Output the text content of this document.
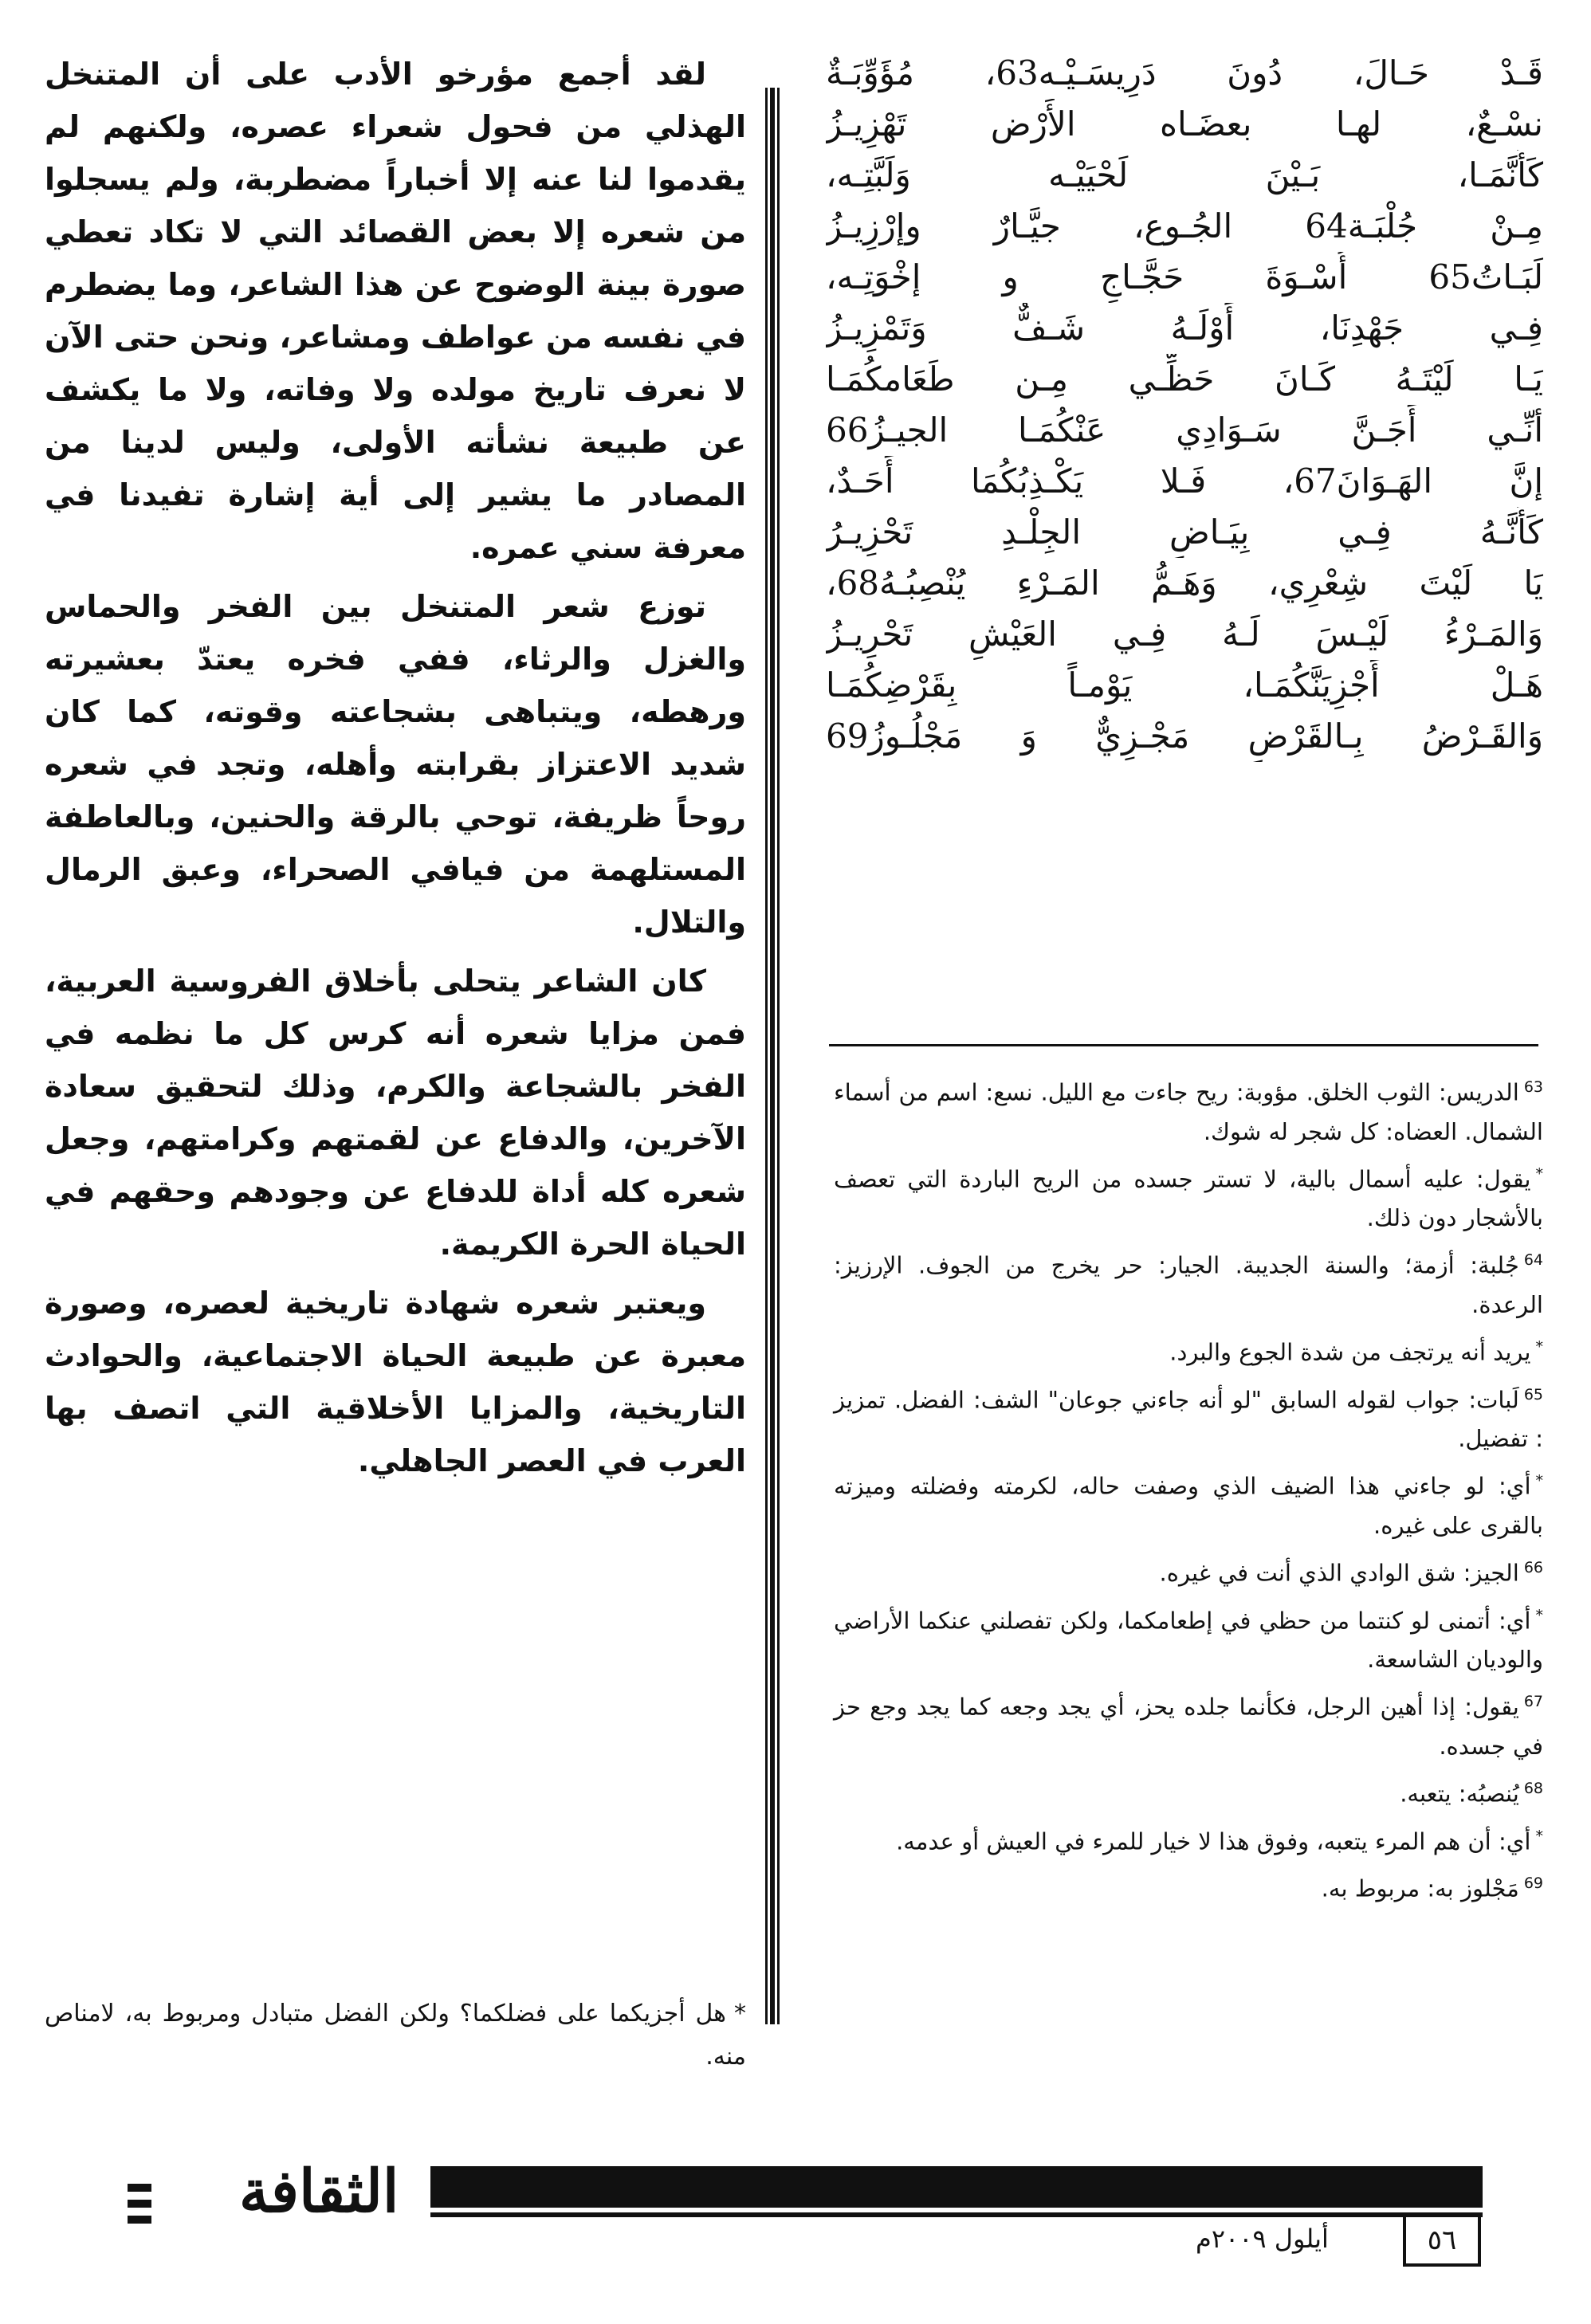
قَـدْ حَـالَ، دُونَ دَرِيسَـيْـه63، مُؤَوِّبَـةٌ
نسْـعٌ، لهـا بعضَـاه الأَرْض تَهْزِيـزُ
كَأَنَّمَـا، بَـيْنَ لَحْيَيْـه وَلَبَّتِـه،
مِـنْ جُلْبَـة64 الجُـوع، جيَّـارٌ وإرْزِيـزُ
لَبَـاتُ65 أُسْـوَةَ حَجَّـاجٍ و إخْوَتِـه،
فِـي جَهْدِنَا، أَوْلَـهُ شَـفٌّ وَتَمْزِيـزُ
يَـا لَيْتَـهُ كَـانَ حَظِّـي مِـن طَعَامكُمَـا
أنِّـي أَجَـنَّ سَـوَادِي عَنْكُمَـا الجيـزُ66
إنَّ الهَـوَانَ67، فَـلا يَكْـذِبُكُمَا أَحَـدٌ،
كَأَنَّـهُ فِـي بِيَـاضِ الجِلْـدِ تَحْزِيـرُ
يَا لَيْتَ شِعْرِي، وَهَـمُّ المَـرْءِ يُنْصِبُـهُ68،
وَالمَـرْءُ لَيْـسَ لَـهُ فِـي العَيْشِ تَحْرِيـزُ
هَـلْ أَجْزِيَنَّكُمَـا، يَوْمـاً بِقَرْضِكُمَـا
وَالقَـرْضُ بِـالقَرْضِ مَجْـزِيٌّ وَ مَجْلُـوزُ69

$^{63}$الدريس: الثوب الخلق. مؤوبة: ريح جاءت مع الليل. نسع: اسم من أسماء الشمال. العضاه: كل شجر له شوك.

*يقول: عليه أسمال بالية، لا تستر جسده من الريح الباردة التي تعصف بالأشجار دون ذلك.

$^{64}$جُلبة: أزمة؛ والسنة الجديبة. الجيار: حر يخرج من الجوف. الإرزيز: الرعدة.

*يريد أنه يرتجف من شدة الجوع والبرد.

$^{65}$لَبات: جواب لقوله السابق "لو أنه جاءني جوعان" الشف: الفضل. تمزيز : تفضيل.

*أي: لو جاءني هذا الضيف الذي وصفت حاله، لكرمته وفضلته وميزته بالقرى على غيره.

$^{66}$الجيز: شق الوادي الذي أنت في غيره.

*أي: أتمنى لو كنتما من حظي في إطعامكما، ولكن تفصلني عنكما الأراضي والوديان الشاسعة.

$^{67}$يقول: إذا أهين الرجل، فكأنما جلده يحز، أي يجد وجعه كما يجد وجع حز في جسده.

$^{68}$يُنصبُه: يتعبه.

*أي: أن هم المرء يتعبه، وفوق هذا لا خيار للمرء في العيش أو عدمه.

$^{69}$مَجْلوز به: مربوط به.

لقد أجمع مؤرخو الأدب على أن المتنخل الهذلي من فحول شعراء عصره، ولكنهم لم يقدموا لنا عنه إلا أخباراً مضطربة، ولم يسجلوا من شعره إلا بعض القصائد التي لا تكاد تعطي صورة بينة الوضوح عن هذا الشاعر، وما يضطرم في نفسه من عواطف ومشاعر، ونحن حتى الآن لا نعرف تاريخ مولده ولا وفاته، ولا ما يكشف عن طبيعة نشأته الأولى، وليس لدينا من المصادر ما يشير إلى أية إشارة تفيدنا في معرفة سني عمره.

توزع شعر المتنخل بين الفخر والحماس والغزل والرثاء، ففي فخره يعتدّ بعشيرته ورهطه، ويتباهى بشجاعته وقوته، كما كان شديد الاعتزاز بقرابته وأهله، وتجد في شعره روحاً ظريفة، توحي بالرقة والحنين، وبالعاطفة المستلهمة من فيافي الصحراء، وعبق الرمال والتلال.

كان الشاعر يتحلى بأخلاق الفروسية العربية، فمن مزايا شعره أنه كرس كل ما نظمه في الفخر بالشجاعة والكرم، وذلك لتحقيق سعادة الآخرين، والدفاع عن لقمتهم وكرامتهم، وجعل شعره كله أداة للدفاع عن وجودهم وحقهم في الحياة الحرة الكريمة.

ويعتبر شعره شهادة تاريخية لعصره، وصورة معبرة عن طبيعة الحياة الاجتماعية، والحوادث التاريخية، والمزايا الأخلاقية التي اتصف بها العرب في العصر الجاهلي.

*هل أجزيكما على فضلكما؟ ولكن الفضل متبادل ومربوط به، لامناص منه.
الثقافة
أيلول ٢٠٠٩م	٥٦
